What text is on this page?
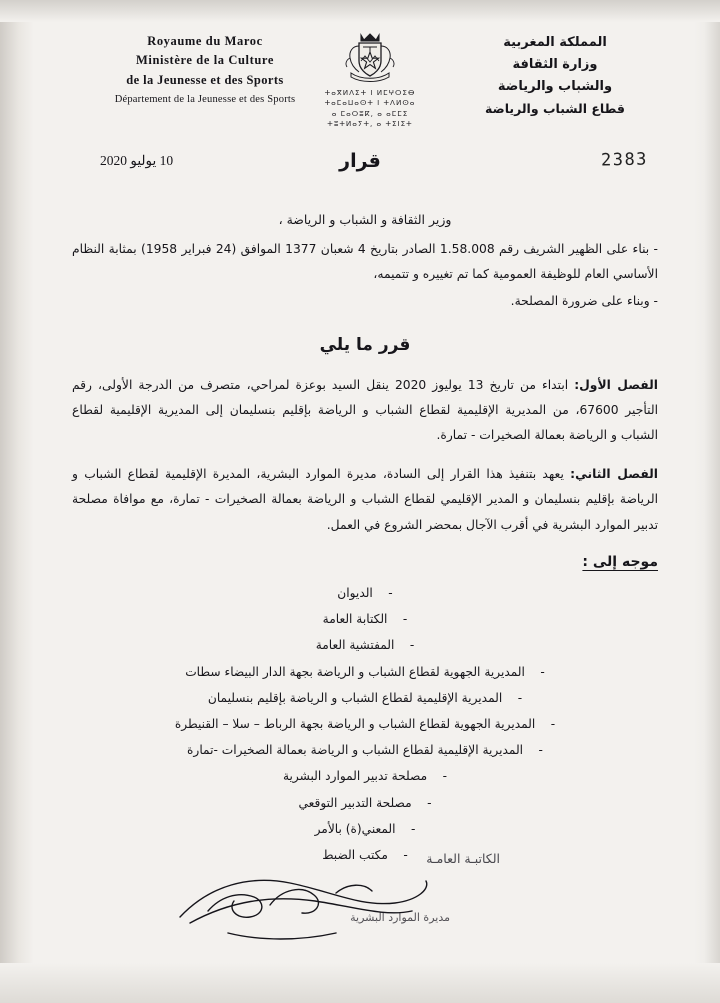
Royaume du Maroc
Ministère de la Culture
de la Jeunesse et des Sports
Département de la Jeunesse et des Sports
ⵜⴰⴳⵍⴷⵉⵜ ⵏ ⵍⵎⵖⵔⵉⴱ
ⵜⴰⵎⴰⵡⴰⵙⵜ ⵏ ⵜⴷⵍⵙⴰ
ⴰ ⵎⴰⵔⵓⴽ, ⴰ ⴰⵎⵎⵉ
ⵜⵓⵜⵍⴰⵢⵜ, ⴰ ⵜⵉⵏⵉⵜ
المملكة المغربية
وزارة الثقافة
والشباب والرياضة
قطاع الشباب والرياضة
10 يوليو 2020	قرار	2383
وزير الثقافة و الشباب و الرياضة ،
- بناء على الظهير الشريف رقم 1.58.008 الصادر بتاريخ 4 شعبان 1377 الموافق (24 فبراير 1958) بمثابة النظام الأساسي العام للوظيفة العمومية كما تم تغييره و تتميمه،
- وبناء على ضرورة المصلحة.
قرر ما يلي
الفصل الأول: ابتداء من تاريخ 13 يوليوز 2020 ينقل السيد بوعزة لمراحي، متصرف من الدرجة الأولى، رقم التأجير 67600، من المديرية الإقليمية لقطاع الشباب و الرياضة بإقليم بنسليمان إلى المديرية الإقليمية لقطاع الشباب و الرياضة بعمالة الصخيرات - تمارة.
الفصل الثاني: يعهد بتنفيذ هذا القرار إلى السادة، مديرة الموارد البشرية، المديرة الإقليمية لقطاع الشباب و الرياضة بإقليم بنسليمان و المدير الإقليمي لقطاع الشباب و الرياضة بعمالة الصخيرات - تمارة، مع موافاة مصلحة تدبير الموارد البشرية في أقرب الآجال بمحضر الشروع في العمل.
موجه إلى :
- الديوان
- الكتابة العامة
- المفتشية العامة
- المديرية الجهوية لقطاع الشباب و الرياضة بجهة الدار البيضاء سطات
- المديرية الإقليمية لقطاع الشباب و الرياضة بإقليم بنسليمان
- المديرية الجهوية لقطاع الشباب و الرياضة بجهة الرباط – سلا – القنيطرة
- المديرية الإقليمية لقطاع الشباب و الرياضة بعمالة الصخيرات -تمارة
- مصلحة تدبير الموارد البشرية
- مصلحة التدبير التوقعي
- المعني(ة) بالأمر
- مكتب الضبط	الكاتبـة العامـة
مديرة الموارد البشرية
